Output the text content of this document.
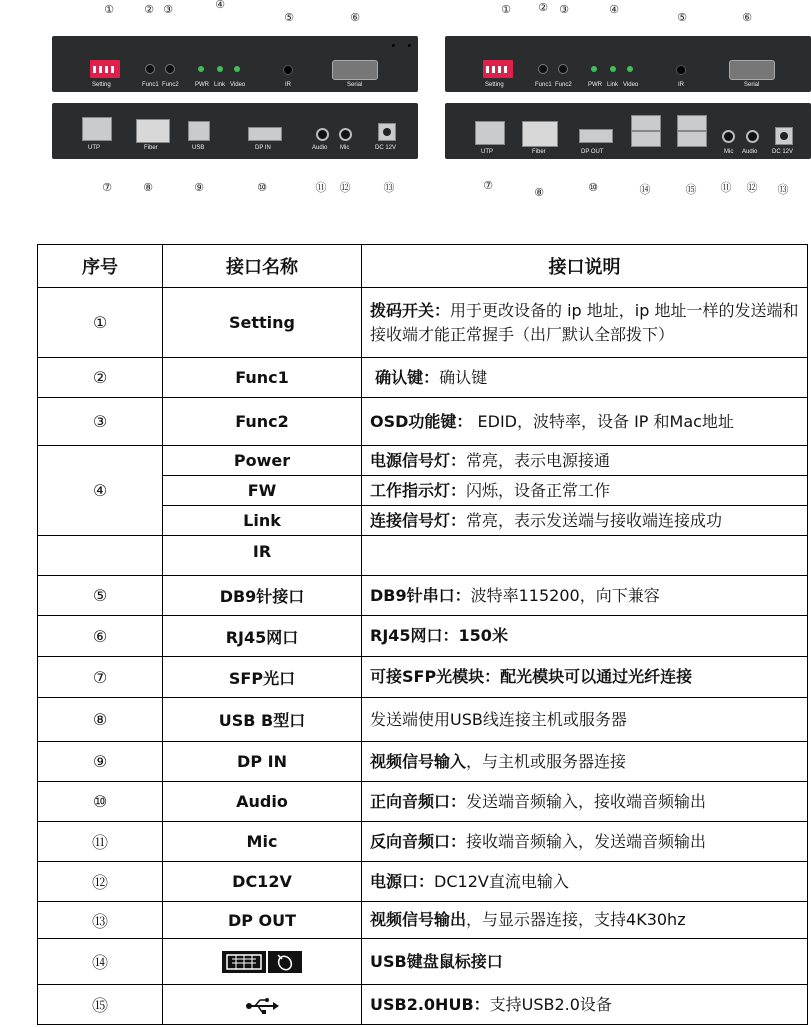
Setting	Func1 Func2	PWR Link Video	IR	Serial
UTP	Fiber	USB	DP IN	Audio Mic	DC 12V
Setting	Func1 Func2	PWR Link Video	IR	Serial
UTP	Fiber	DP OUT	Mic Audio DC 12V
①	② ③	④
⑤	⑥
⑦	⑧	⑨	⑩	⑪ ⑫	⑬
① ② ③	④
⑤	⑥
⑦
⑧	⑩	⑭	⑮ ⑪ ⑫ ⑬
序号	接口名称	接口说明
①	Setting	拨码开关：用于更改设备的 ip 地址，ip 地址一样的发送端和接收端才能正常握手（出厂默认全部拨下）
②	Func1	确认键：确认键
③	Func2	OSD功能键： EDID，波特率，设备 IP 和Mac地址
④	Power	电源信号灯：常亮，表示电源接通
	FW	工作指示灯：闪烁，设备正常工作
	Link	连接信号灯：常亮，表示发送端与接收端连接成功
	IR	
⑤	DB9针接口	DB9针串口：波特率115200，向下兼容
⑥	RJ45网口	RJ45网口：150米
⑦	SFP光口	可接SFP光模块：配光模块可以通过光纤连接
⑧	USB B型口	发送端使用USB线连接主机或服务器
⑨	DP IN	视频信号输入，与主机或服务器连接
⑩	Audio	正向音频口：发送端音频输入，接收端音频输出
⑪	Mic	反向音频口：接收端音频输入，发送端音频输出
⑫	DC12V	电源口：DC12V直流电输入
⑬	DP OUT	视频信号输出，与显示器连接，支持4K30hz
⑭		USB键盘鼠标接口
⑮		USB2.0HUB：支持USB2.0设备
